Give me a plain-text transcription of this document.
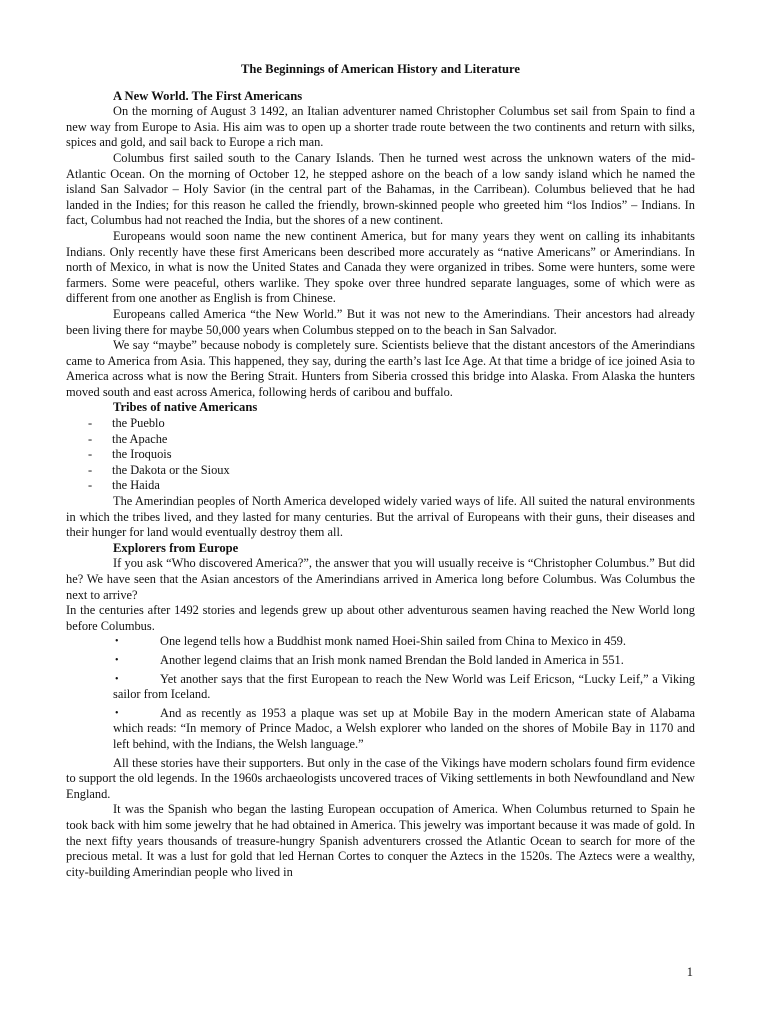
The Beginnings of American History and Literature
A New World. The First Americans

On the morning of August 3 1492, an Italian adventurer named Christopher Columbus set sail from Spain to find a new way from Europe to Asia. His aim was to open up a shorter trade route between the two continents and return with silks, spices and gold, and sail back to Europe a rich man.

Columbus first sailed south to the Canary Islands. Then he turned west across the unknown waters of the mid-Atlantic Ocean. On the morning of October 12, he stepped ashore on the beach of a low sandy island which he named the island San Salvador – Holy Savior (in the central part of the Bahamas, in the Carribean). Columbus believed that he had landed in the Indies; for this reason he called the friendly, brown-skinned people who greeted him “los Indios” – Indians. In fact, Columbus had not reached the India, but the shores of a new continent.

Europeans would soon name the new continent America, but for many years they went on calling its inhabitants Indians. Only recently have these first Americans been described more accurately as “native Americans” or Amerindians. In north of Mexico, in what is now the United States and Canada they were organized in tribes. Some were hunters, some were farmers. Some were peaceful, others warlike. They spoke over three hundred separate languages, some of which were as different from one another as English is from Chinese.

Europeans called America “the New World.” But it was not new to the Amerindians. Their ancestors had already been living there for maybe 50,000 years when Columbus stepped on to the beach in San Salvador.

We say “maybe” because nobody is completely sure. Scientists believe that the distant ancestors of the Amerindians came to America from Asia. This happened, they say, during the earth’s last Ice Age. At that time a bridge of ice joined Asia to America across what is now the Bering Strait. Hunters from Siberia crossed this bridge into Alaska. From Alaska the hunters moved south and east across America, following herds of caribou and buffalo.

Tribes of native Americans
- the Pueblo
- the Apache
- the Iroquois
- the Dakota or the Sioux
- the Haida

The Amerindian peoples of North America developed widely varied ways of life. All suited the natural environments in which the tribes lived, and they lasted for many centuries. But the arrival of Europeans with their guns, their diseases and their hunger for land would eventually destroy them all.

Explorers from Europe

If you ask “Who discovered America?”, the answer that you will usually receive is “Christopher Columbus.” But did he? We have seen that the Asian ancestors of the Amerindians arrived in America long before Columbus. Was Columbus the next to arrive?

In the centuries after 1492 stories and legends grew up about other adventurous seamen having reached the New World long before Columbus.

•	One legend tells how a Buddhist monk named Hoei-Shin sailed from China to Mexico in 459.
•	Another legend claims that an Irish monk named Brendan the Bold landed in America in 551.
•	Yet another says that the first European to reach the New World was Leif Ericson, “Lucky Leif,” a Viking sailor from Iceland.
•	And as recently as 1953 a plaque was set up at Mobile Bay in the modern American state of Alabama which reads: “In memory of Prince Madoc, a Welsh explorer who landed on the shores of Mobile Bay in 1170 and left behind, with the Indians, the Welsh language.”

All these stories have their supporters. But only in the case of the Vikings have modern scholars found firm evidence to support the old legends. In the 1960s archaeologists uncovered traces of Viking settlements in both Newfoundland and New England.

It was the Spanish who began the lasting European occupation of America. When Columbus returned to Spain he took back with him some jewelry that he had obtained in America. This jewelry was important because it was made of gold. In the next fifty years thousands of treasure-hungry Spanish adventurers crossed the Atlantic Ocean to search for more of the precious metal. It was a lust for gold that led Hernan Cortes to conquer the Aztecs in the 1520s. The Aztecs were a wealthy, city-building Amerindian people who lived in

1
